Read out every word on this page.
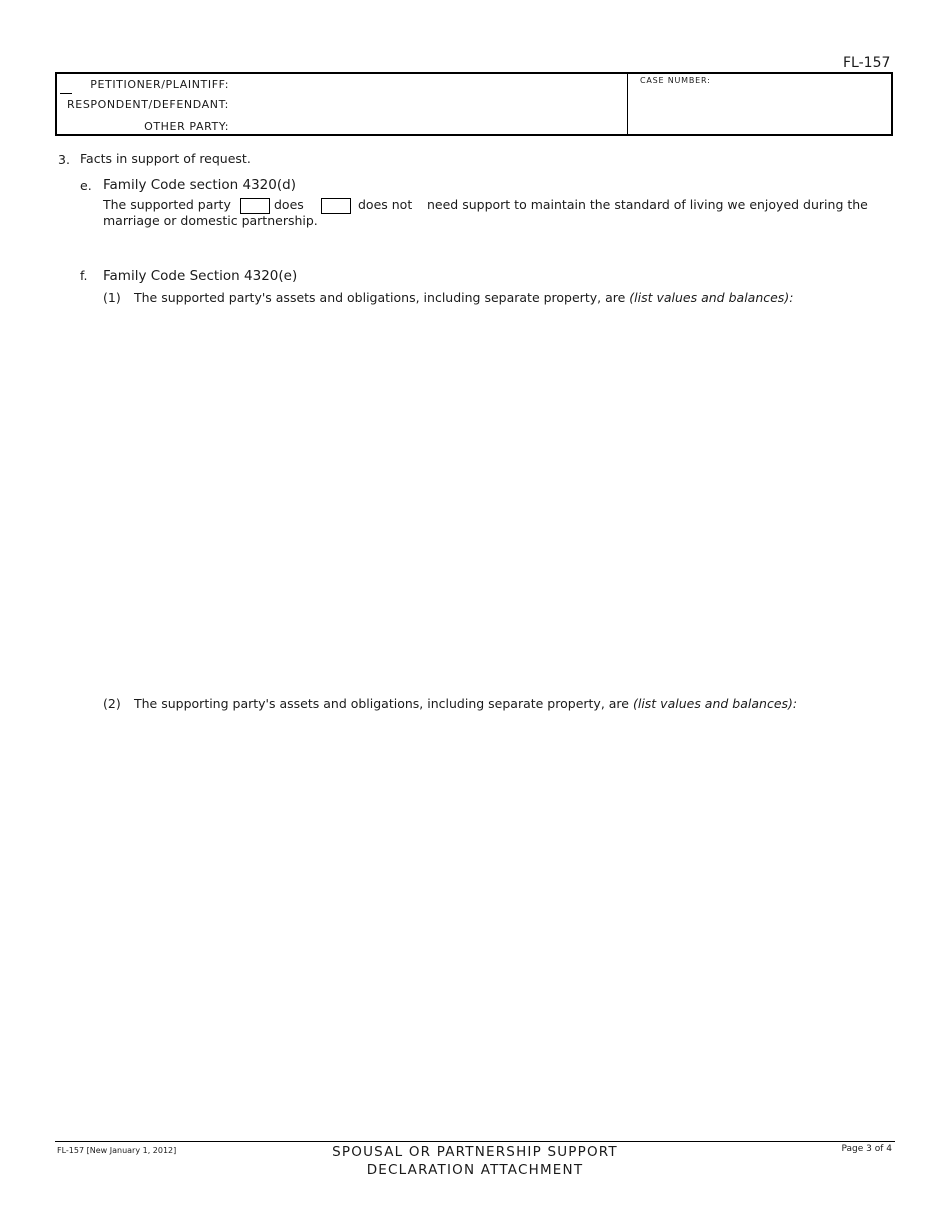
FL-157
PETITIONER/PLAINTIFF:
RESPONDENT/DEFENDANT:
OTHER PARTY:
CASE NUMBER:
3. Facts in support of request.
e. Family Code section 4320(d)
The supported party	does	does not need support to maintain the standard of living we enjoyed during the
marriage or domestic partnership.
f. Family Code Section 4320(e)
(1) The supported party's assets and obligations, including separate property, are (list values and balances):
(2) The supporting party's assets and obligations, including separate property, are (list values and balances):
FL-157 [New January 1, 2012]	SPOUSAL OR PARTNERSHIP SUPPORT
DECLARATION ATTACHMENT
Page 3 of 4
